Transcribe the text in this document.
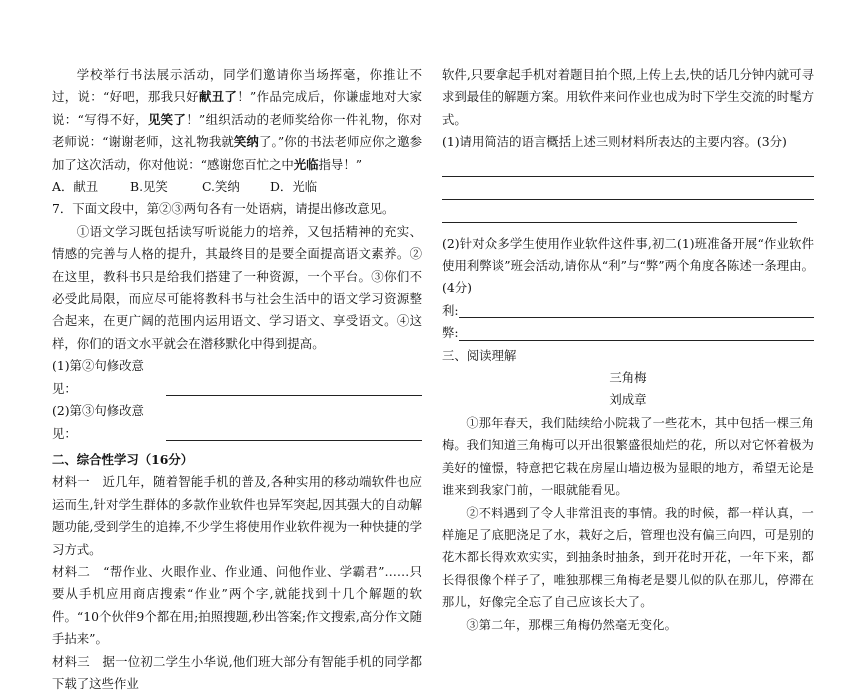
学校举行书法展示活动，同学们邀请你当场挥毫，你推让不过，说：“好吧，那我只好献丑了！”作品完成后，你谦虚地对大家说：“写得不好，见笑了！”组织活动的老师奖给你一件礼物，你对老师说：“谢谢老师，这礼物我就笑纳了。”你的书法老师应你之邀参加了这次活动，你对他说：“感谢您百忙之中光临指导！”

A．献丑	B.见笑	C.笑纳	D．光临

7．下面文段中，第②③两句各有一处语病，请提出修改意见。

①语文学习既包括读写听说能力的培养，又包括精神的充实、情感的完善与人格的提升，其最终目的是要全面提高语文素养。②在这里，教科书只是给我们搭建了一种资源，一个平台。③你们不必受此局限，而应尽可能将教科书与社会生活中的语文学习资源整合起来，在更广阔的范围内运用语文、学习语文、享受语文。④这样，你们的语文水平就会在潜移默化中得到提高。

(1)第②句修改意见：
(2)第③句修改意见：

二、综合性学习（16分）

材料一　近几年，随着智能手机的普及,各种实用的移动端软件也应运而生,针对学生群体的多款作业软件也异军突起,因其强大的自动解题功能,受到学生的追捧,不少学生将使用作业软件视为一种快捷的学习方式。

材料二　“帮作业、火眼作业、作业通、问他作业、学霸君”……只要从手机应用商店搜索“作业”两个字,就能找到十几个解题的软件。“10个伙伴9个都在用;拍照搜题,秒出答案;作文搜索,高分作文随手拈来”。

材料三　据一位初二学生小华说,他们班大部分有智能手机的同学都下载了这些作业

软件,只要拿起手机对着题目拍个照,上传上去,快的话几分钟内就可寻求到最佳的解题方案。用软件来问作业也成为时下学生交流的时髦方式。

(1)请用简洁的语言概括上述三则材料所表达的主要内容。(3分)

(2)针对众多学生使用作业软件这件事,初二(1)班准备开展“作业软件使用利弊谈”班会活动,请你从“利”与“弊”两个角度各陈述一条理由。(4分)

利:
弊:

三、阅读理解

三角梅

刘成章

①那年春天，我们陆续给小院栽了一些花木，其中包括一棵三角梅。我们知道三角梅可以开出很繁盛很灿烂的花，所以对它怀着极为美好的憧憬，特意把它栽在房屋山墙边极为显眼的地方，希望无论是谁来到我家门前，一眼就能看见。

②不料遇到了令人非常沮丧的事情。我的时候，都一样认真，一样施足了底肥浇足了水，栽好之后，管理也没有偏三向四，可是别的花木都长得欢欢实实，到抽条时抽条，到开花时开花，一年下来，都长得很像个样子了，唯独那棵三角梅老是婴儿似的队在那儿，停滞在那儿，好像完全忘了自己应该长大了。

③第二年，那棵三角梅仍然毫无变化。
